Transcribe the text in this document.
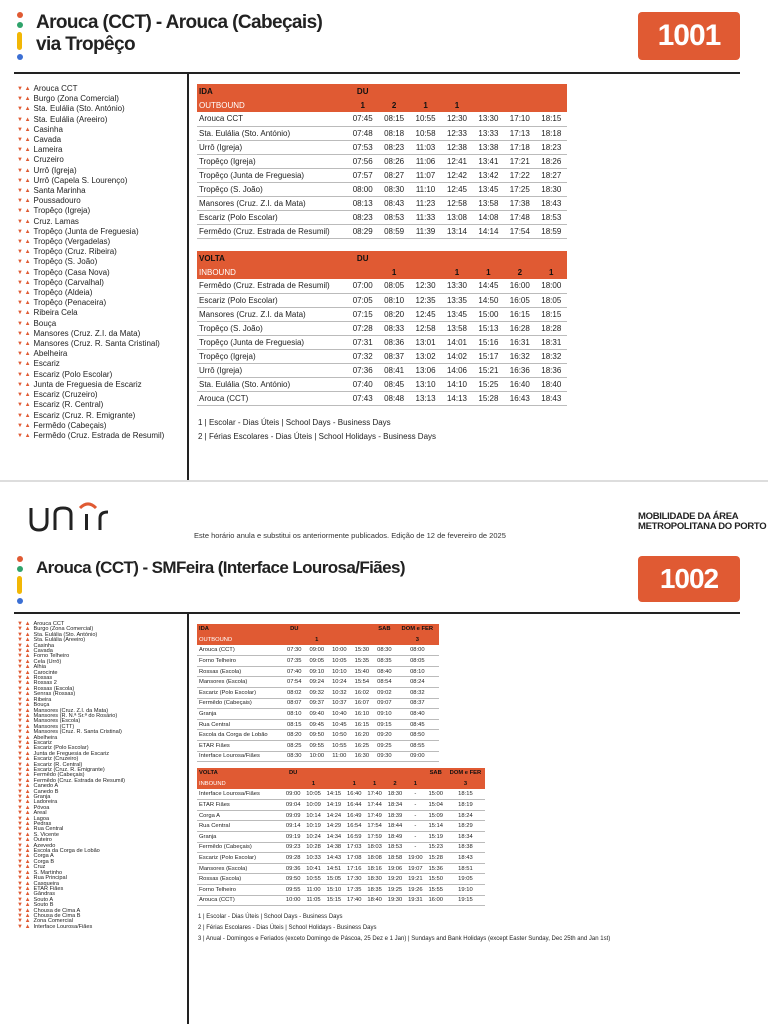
Arouca (CCT) - Arouca (Cabeçais)
via Tropêço	1001
▼ ▲ Arouca CCT
▼ ▲ Burgo (Zona Comercial)
▼ ▲ Sta. Eulália (Sto. António)
▼ ▲ Sta. Eulália (Areeiro)
▼ ▲ Casinha
▼ ▲ Cavada
▼ ▲ Lameira
▼ ▲ Cruzeiro
▼ ▲ Urrô (Igreja)
▼ ▲ Urrô (Capela S. Lourenço)
▼ ▲ Santa Marinha
▼ ▲ Poussadouro
▼ ▲ Tropêço (Igreja)
▼ ▲ Cruz. Lamas
▼ ▲ Tropêço (Junta de Freguesia)
▼ ▲ Tropêço (Vergadelas)
▼ ▲ Tropêço (Cruz. Ribeira)
▼ ▲ Tropêço (S. João)
▼ ▲ Tropêço (Casa Nova)
▼ ▲ Tropêço (Carvalhal)
▼ ▲ Tropêço (Aldeia)
▼ ▲ Tropêço (Penaceira)
▼ ▲ Ribeira Cela
▼ ▲ Bouça
▼ ▲ Mansores (Cruz. Z.I. da Mata)
▼ ▲ Mansores (Cruz. R. Santa Cristinal)
▼ ▲ Abelheira
▼ ▲ Escariz
▼ ▲ Escariz (Polo Escolar)
▼ ▲ Junta de Freguesia de Escariz
▼ ▲ Escariz (Cruzeiro)
▼ ▲ Escariz (R. Central)
▼ ▲ Escariz (Cruz. R. Emigrante)
▼ ▲ Fermêdo (Cabeçais)
▼ ▲ Fermêdo (Cruz. Estrada de Resumil)
IDA	DU						
OUTBOUND	1	2	1	1			
Arouca CCT	07:45	08:15	10:55	12:30	13:30	17:10	18:15
Sta. Eulália (Sto. António)	07:48	08:18	10:58	12:33	13:33	17:13	18:18
Urrô (Igreja)	07:53	08:23	11:03	12:38	13:38	17:18	18:23
Tropêço (Igreja)	07:56	08:26	11:06	12:41	13:41	17:21	18:26
Tropêço (Junta de Freguesia)	07:57	08:27	11:07	12:42	13:42	17:22	18:27
Tropêço (S. João)	08:00	08:30	11:10	12:45	13:45	17:25	18:30
Mansores (Cruz. Z.I. da Mata)	08:13	08:43	11:23	12:58	13:58	17:38	18:43
Escariz (Polo Escolar)	08:23	08:53	11:33	13:08	14:08	17:48	18:53
Fermêdo (Cruz. Estrada de Resumil)	08:29	08:59	11:39	13:14	14:14	17:54	18:59
VOLTA	DU						
INBOUND		1		1	1	2	1
Fermêdo (Cruz. Estrada de Resumil)	07:00	08:05	12:30	13:30	14:45	16:00	18:00
Escariz (Polo Escolar)	07:05	08:10	12:35	13:35	14:50	16:05	18:05
Mansores (Cruz. Z.I. da Mata)	07:15	08:20	12:45	13:45	15:00	16:15	18:15
Tropêço (S. João)	07:28	08:33	12:58	13:58	15:13	16:28	18:28
Tropêço (Junta de Freguesia)	07:31	08:36	13:01	14:01	15:16	16:31	18:31
Tropêço (Igreja)	07:32	08:37	13:02	14:02	15:17	16:32	18:32
Urrô (Igreja)	07:36	08:41	13:06	14:06	15:21	16:36	18:36
Sta. Eulália (Sto. António)	07:40	08:45	13:10	14:10	15:25	16:40	18:40
Arouca (CCT)	07:43	08:48	13:13	14:13	15:28	16:43	18:43
1 | Escolar - Dias Úteis | School Days - Business Days
2 | Férias Escolares - Dias Úteis | School Holidays - Business Days
Este horário anula e substitui os anteriormente publicados. Edição de 12 de fevereiro de 2025
MOBILIDADE DA ÁREA
METROPOLITANA DO PORTO
Arouca (CCT) - SMFeira (Interface Lourosa/Fiães)	1002
▼ ▲ Arouca CCT
▼ ▲ Burgo (Zona Comercial)
▼ ▲ Sta. Eulália (Sto. António)
▼ ▲ Sta. Eulália (Areeiro)
▼ ▲ Casinha
▼ ▲ Cavada
▼ ▲ Forno Telheiro
▼ ▲ Cela (Urrô)
▼ ▲ Alhia
▼ ▲ Carocinte
▼ ▲ Rossas
▼ ▲ Rossas 2
▼ ▲ Rossas (Escola)
▼ ▲ Senras (Rossas)
▼ ▲ Ribeira
▼ ▲ Bouça
▼ ▲ Mansores (Cruz. Z.I. da Mata)
▼ ▲ Mansores (R. N.ª Sr.ª do Rosário)
▼ ▲ Mansores (Escola)
▼ ▲ Mansores (CTT)
▼ ▲ Mansores (Cruz. R. Santa Cristinal)
▼ ▲ Abelheira
▼ ▲ Escariz
▼ ▲ Escariz (Polo Escolar)
▼ ▲ Junta de Freguesia de Escariz
▼ ▲ Escariz (Cruzeiro)
▼ ▲ Escariz (R. Central)
▼ ▲ Escariz (Cruz. R. Emigrante)
▼ ▲ Fermêdo (Cabeçais)
▼ ▲ Fermêdo (Cruz. Estrada de Resumil)
▼ ▲ Canedo A
▼ ▲ Canedo B
▼ ▲ Granja
▼ ▲ Ladoreira
▼ ▲ Póvoa
▼ ▲ Areal
▼ ▲ Lagoa
▼ ▲ Pedras
▼ ▲ Rua Central
▼ ▲ S. Vicente
▼ ▲ Outeiro
▼ ▲ Azevedo
▼ ▲ Escola da Corga de Lobão
▼ ▲ Corga A
▼ ▲ Corga B
▼ ▲ Cruz
▼ ▲ S. Martinho
▼ ▲ Rua Principal
▼ ▲ Casqueira
▼ ▲ ETAR Fiães
▼ ▲ Gândras
▼ ▲ Souto A
▼ ▲ Souto B
▼ ▲ Chousa de Cima A
▼ ▲ Chousa de Cima B
▼ ▲ Zona Comercial
▼ ▲ Interface Lourosa/Fiães
IDA	DU				SAB	DOM e FER
OUTBOUND		1				3
Arouca (CCT)	07:30	09:00	10:00	15:30	08:30	08:00
Forno Telheiro	07:35	09:05	10:05	15:35	08:35	08:05
Rossas (Escola)	07:40	09:10	10:10	15:40	08:40	08:10
Mansores (Escola)	07:54	09:24	10:24	15:54	08:54	08:24
Escariz (Polo Escolar)	08:02	09:32	10:32	16:02	09:02	08:32
Fermêdo (Cabeçais)	08:07	09:37	10:37	16:07	09:07	08:37
Granja	08:10	09:40	10:40	16:10	09:10	08:40
Rua Central	08:15	09:45	10:45	16:15	09:15	08:45
Escola da Corga de Lobão	08:20	09:50	10:50	16:20	09:20	08:50
ETAR Fiães	08:25	09:55	10:55	16:25	09:25	08:55
Interface Lourosa/Fiães	08:30	10:00	11:00	16:30	09:30	09:00
VOLTA	DU							SAB	DOM e FER
INBOUND		1		1	1	2	1		3
Interface Lourosa/Fiães	09:00	10:05	14:15	16:40	17:40	18:30	-	15:00	18:15
ETAR Fiães	09:04	10:09	14:19	16:44	17:44	18:34	-	15:04	18:19
Corga A	09:09	10:14	14:24	16:49	17:49	18:39	-	15:09	18:24
Rua Central	09:14	10:19	14:29	16:54	17:54	18:44	-	15:14	18:29
Granja	09:19	10:24	14:34	16:59	17:59	18:49	-	15:19	18:34
Fermêdo (Cabeçais)	09:23	10:28	14:38	17:03	18:03	18:53	-	15:23	18:38
Escariz (Polo Escolar)	09:28	10:33	14:43	17:08	18:08	18:58	19:00	15:28	18:43
Mansores (Escola)	09:36	10:41	14:51	17:16	18:16	19:06	19:07	15:36	18:51
Rossas (Escola)	09:50	10:55	15:05	17:30	18:30	19:20	19:21	15:50	19:05
Forno Telheiro	09:55	11:00	15:10	17:35	18:35	19:25	19:26	15:55	19:10
Arouca (CCT)	10:00	11:05	15:15	17:40	18:40	19:30	19:31	16:00	19:15
1 | Escolar - Dias Úteis | School Days - Business Days
2 | Férias Escolares - Dias Úteis | School Holidays - Business Days
3 | Anual - Domingos e Feriados (exceto Domingo de Páscoa, 25 Dez e 1 Jan) | Sundays and Bank Holidays (except Easter Sunday, Dec 25th and Jan 1st)
